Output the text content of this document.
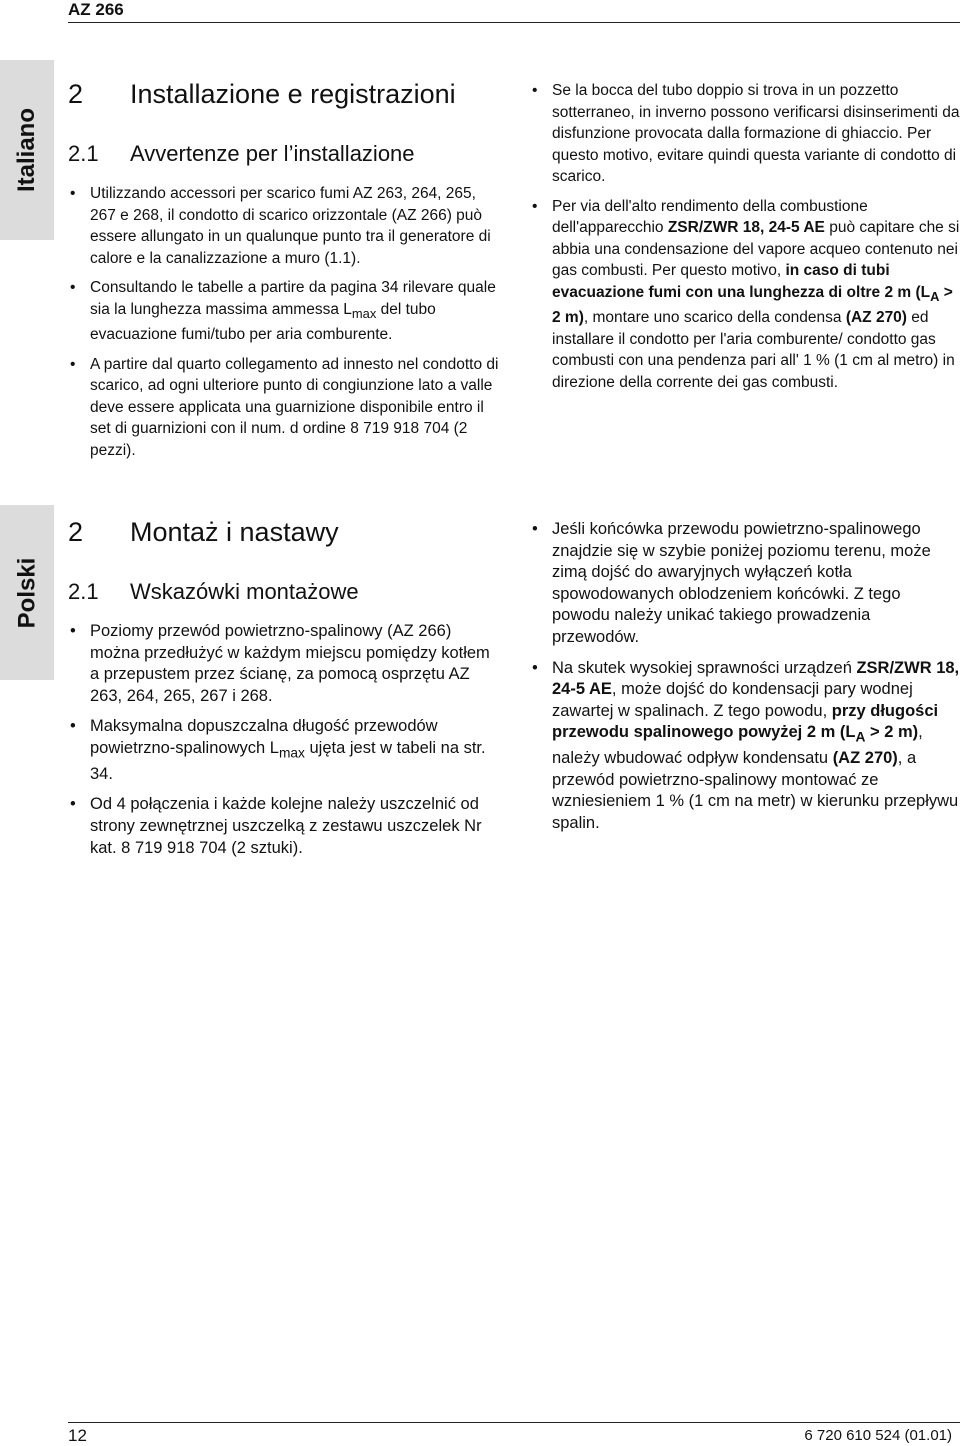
AZ 266
Italiano
Polski
2	Installazione e registrazioni
2.1	Avvertenze per l’installazione
• Utilizzando accessori per scarico fumi AZ 263, 264, 265, 267 e 268, il condotto di scarico orizzontale (AZ 266) può essere allungato in un qualunque punto tra il generatore di calore e la canalizzazione a muro (1.1).
• Consultando le tabelle a partire da pagina 34 rilevare quale sia la lunghezza massima ammessa $L_{max}$ del tubo evacuazione fumi/tubo per aria comburente.
• A partire dal quarto collegamento ad innesto nel condotto di scarico, ad ogni ulteriore punto di congiunzione lato a valle deve essere applicata una guarnizione disponibile entro il set di guarnizioni con il num. d ordine 8 719 918 704 (2 pezzi).
• Se la bocca del tubo doppio si trova in un pozzetto sotterraneo, in inverno possono verificarsi disinserimenti da disfunzione provocata dalla formazione di ghiaccio. Per questo motivo, evitare quindi questa variante di condotto di scarico.
• Per via dell'alto rendimento della combustione dell'apparecchio ZSR/ZWR 18, 24-5 AE può capitare che si abbia una condensazione del vapore acqueo contenuto nei gas combusti. Per questo motivo, in caso di tubi evacuazione fumi con una lunghezza di oltre 2 m ($L_A > 2$ m), montare uno scarico della condensa (AZ 270) ed installare il condotto per l'aria comburente/ condotto gas combusti con una pendenza pari all' 1 % (1 cm al metro) in direzione della corrente dei gas combusti.
2	Montaż i nastawy
2.1	Wskazówki montażowe
• Poziomy przewód powietrzno-spalinowy (AZ 266) można przedłużyć w każdym miejscu pomiędzy kotłem a przepustem przez ścianę, za pomocą osprzętu AZ 263, 264, 265, 267 i 268.
• Maksymalna dopuszczalna długość przewodów powietrzno-spalinowych $L_{max}$ ujęta jest w tabeli na str. 34.
• Od 4 połączenia i każde kolejne należy uszczelnić od strony zewnętrznej uszczelką z zestawu uszczelek Nr kat. 8 719 918 704 (2 sztuki).
• Jeśli końcówka przewodu powietrzno-spalinowego znajdzie się w szybie poniżej poziomu terenu, może zimą dojść do awaryjnych wyłączeń kotła spowodowanych oblodzeniem końcówki. Z tego powodu należy unikać takiego prowadzenia przewodów.
• Na skutek wysokiej sprawności urządzeń ZSR/ZWR 18, 24-5 AE, może dojść do kondensacji pary wodnej zawartej w spalinach. Z tego powodu, przy długości przewodu spalinowego powyżej 2 m ($L_A > 2$ m), należy wbudować odpływ kondensatu (AZ 270), a przewód powietrzno-spalinowy montować ze wzniesieniem 1 % (1 cm na metr) w kierunku przepływu spalin.
12	6 720 610 524 (01.01)
